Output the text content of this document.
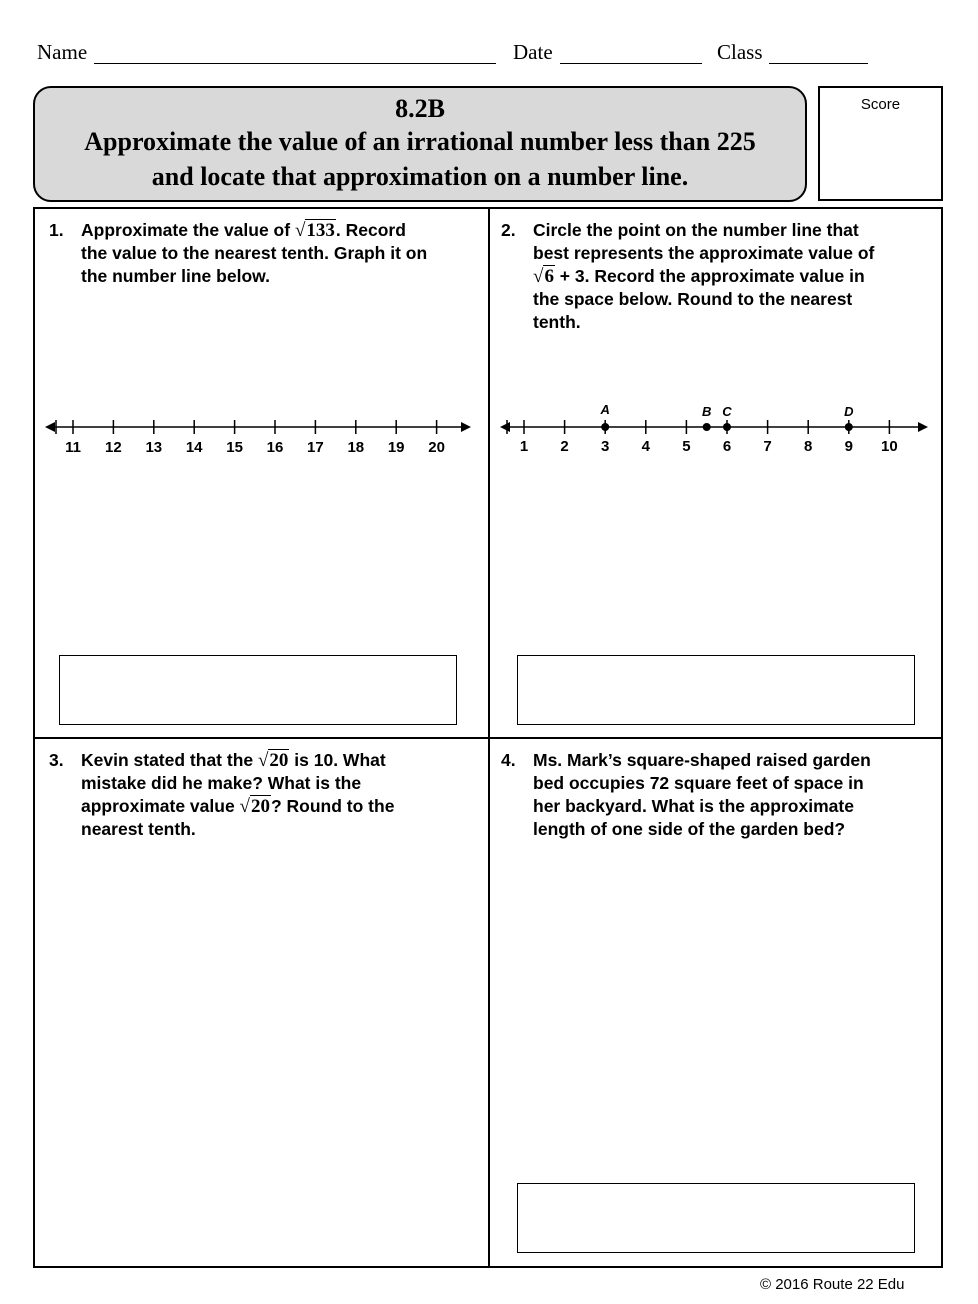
Name	Date	Class
8.2B
Approximate the value of an irrational number less than 225
and locate that approximation on a number line.
Score
1. Approximate the value of √133. Record
the value to the nearest tenth. Graph it on
the number line below.
11 12 13 14 15 16 17 18 19 20
2. Circle the point on the number line that
best represents the approximate value of
√6 + 3. Record the approximate value in
the space below. Round to the nearest
tenth.
1 2 3 4 5 6 7 8 9 10
A	B C	D
3. Kevin stated that the √20 is 10. What
mistake did he make? What is the
approximate value √20? Round to the
nearest tenth.
4. Ms. Mark’s square-shaped raised garden
bed occupies 72 square feet of space in
her backyard. What is the approximate
length of one side of the garden bed?
© 2016 Route 22 Edu
